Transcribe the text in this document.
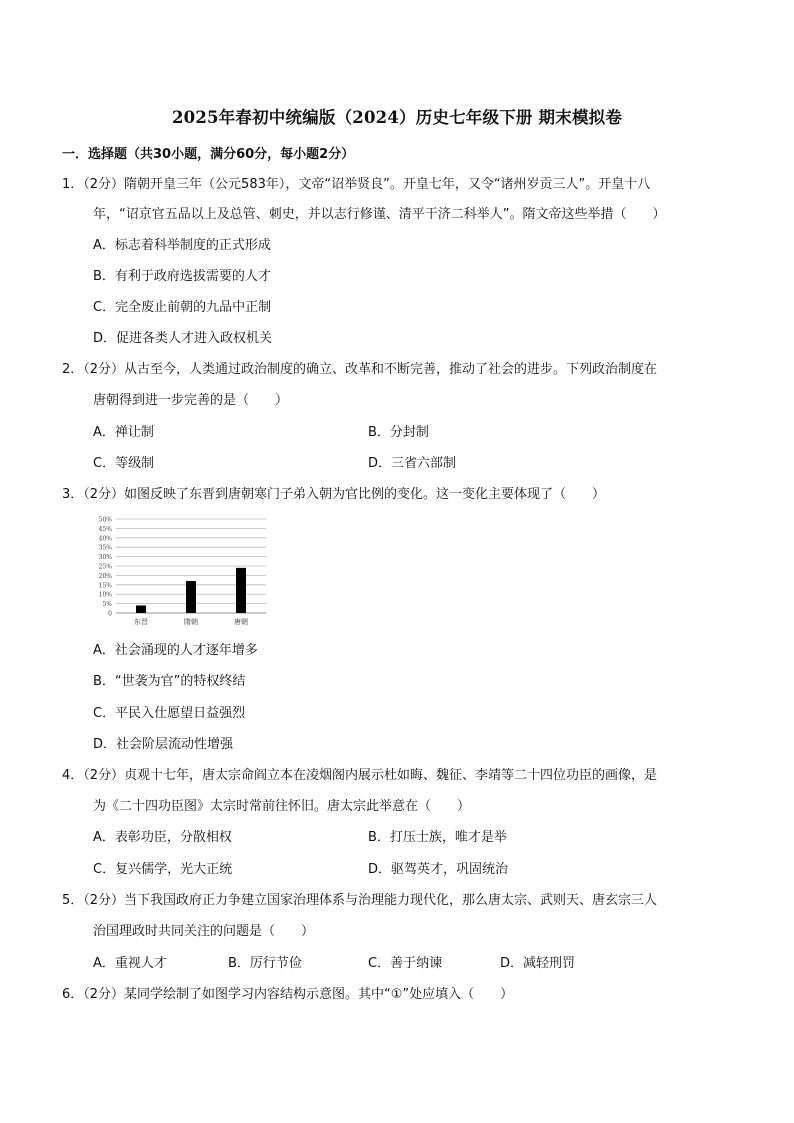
2025年春初中统编版（2024）历史七年级下册 期末模拟卷
一．选择题（共30小题，满分60分，每小题2分）
1．（2分）隋朝开皇三年（公元583年），文帝“诏举贤良”。开皇七年，又令“诸州岁贡三人”。开皇十八
年，“诏京官五品以上及总管、刺史，并以志行修谨、清平干济二科举人”。隋文帝这些举措（　　）
A．标志着科举制度的正式形成
B．有利于政府选拔需要的人才
C．完全废止前朝的九品中正制
D．促进各类人才进入政权机关
2．（2分）从古至今，人类通过政治制度的确立、改革和不断完善，推动了社会的进步。下列政治制度在
唐朝得到进一步完善的是（　　）
A．禅让制	B．分封制
C．等级制	D．三省六部制
3．（2分）如图反映了东晋到唐朝寒门子弟入朝为官比例的变化。这一变化主要体现了（　　）
50%
45%
40%
35%
30%
25%
20%
15%
10%
5%
0
东晋	隋朝	唐朝
A．社会涌现的人才逐年增多
B．“世袭为官”的特权终结
C．平民入仕愿望日益强烈
D．社会阶层流动性增强
4．（2分）贞观十七年，唐太宗命阎立本在凌烟阁内展示杜如晦、魏征、李靖等二十四位功臣的画像，是
为《二十四功臣图》太宗时常前往怀旧。唐太宗此举意在（　　）
A．表彰功臣，分散相权	B．打压士族，唯才是举
C．复兴儒学，光大正统	D．驱驾英才，巩固统治
5．（2分）当下我国政府正力争建立国家治理体系与治理能力现代化，那么唐太宗、武则天、唐玄宗三人
治国理政时共同关注的问题是（　　）
A．重视人才	B．厉行节俭	C．善于纳谏	D．减轻刑罚
6．（2分）某同学绘制了如图学习内容结构示意图。其中“①”处应填入（　　）
